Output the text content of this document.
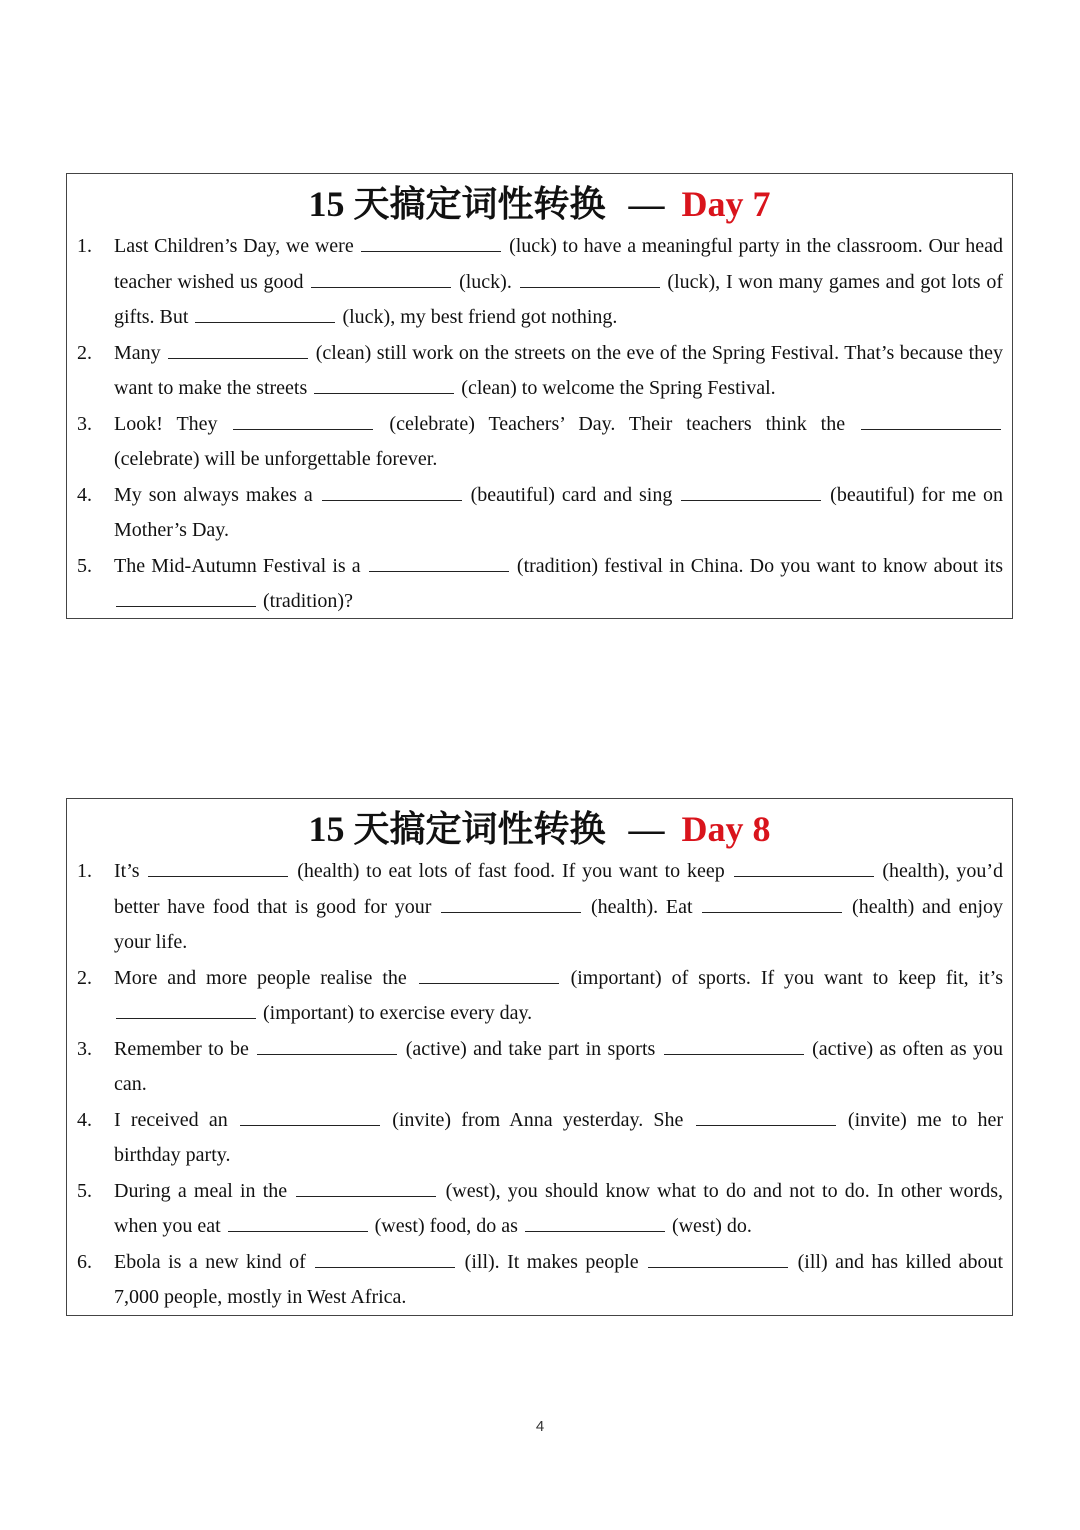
15 天搞定词性转换 — Day 7
1. Last Children’s Day, we were	(luck) to have a meaningful party in the classroom. Our head teacher wished us good	(luck).	(luck), I won many games and got lots of gifts. But	(luck), my best friend got nothing.
2. Many	(clean) still work on the streets on the eve of the Spring Festival. That’s because they want to make the streets	(clean) to welcome the Spring Festival.
3. Look! They	(celebrate) Teachers’ Day. Their teachers think the  (celebrate) will be unforgettable forever.
4. My son always makes a	(beautiful) card and sing	(beautiful) for me on Mother’s Day.
5. The Mid-Autumn Festival is a	(tradition) festival in China. Do you want to know about its  (tradition)?
15 天搞定词性转换 — Day 8
1. It’s	(health) to eat lots of fast food. If you want to keep	(health), you’d better have food that is good for your	(health). Eat	(health) and enjoy your life.
2. More and more people realise the	(important) of sports. If you want to keep fit, it’s  (important) to exercise every day.
3. Remember to be	(active) and take part in sports	(active) as often as you can.
4. I received an	(invite) from Anna yesterday. She	(invite) me to her birthday party.
5. During a meal in the	(west), you should know what to do and not to do. In other words, when you eat	(west) food, do as	(west) do.
6. Ebola is a new kind of	(ill). It makes people	(ill) and has killed about 7,000 people, mostly in West Africa.
4
